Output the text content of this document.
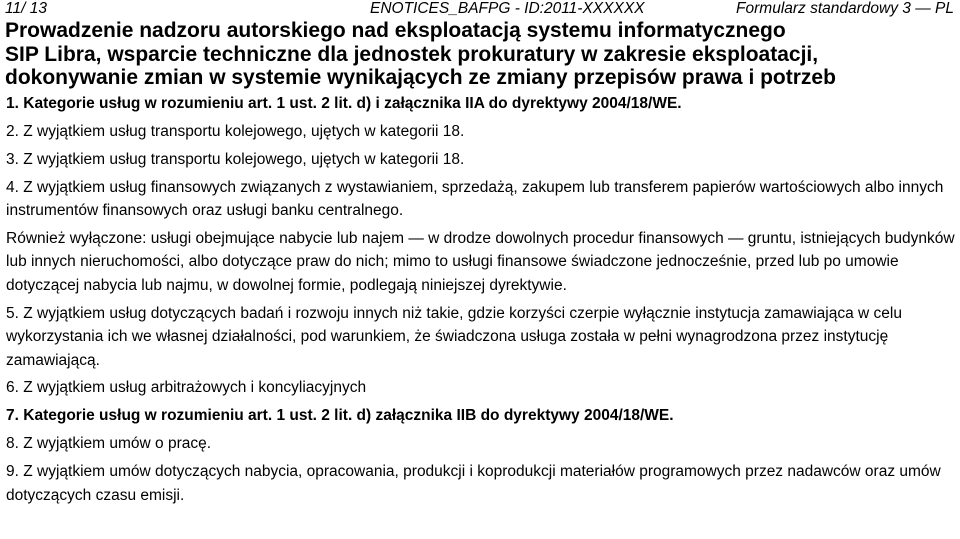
11/ 13	ENOTICES_BAFPG - ID:2011-XXXXXX	Formularz standardowy 3 — PL
Prowadzenie nadzoru autorskiego nad eksploatacją systemu informatycznego
SIP Libra, wsparcie techniczne dla jednostek prokuratury w zakresie eksploatacji,
dokonywanie zmian w systemie wynikających ze zmiany przepisów prawa i potrzeb

1. Kategorie usług w rozumieniu art. 1 ust. 2 lit. d) i załącznika IIA do dyrektywy 2004/18/WE.

2. Z wyjątkiem usług transportu kolejowego, ujętych w kategorii 18.

3. Z wyjątkiem usług transportu kolejowego, ujętych w kategorii 18.

4. Z wyjątkiem usług finansowych związanych z wystawianiem, sprzedażą, zakupem lub transferem papierów wartościowych albo innych instrumentów finansowych oraz usługi banku centralnego.

Również wyłączone: usługi obejmujące nabycie lub najem — w drodze dowolnych procedur finansowych — gruntu, istniejących budynków lub innych nieruchomości, albo dotyczące praw do nich; mimo to usługi finansowe świadczone jednocześnie, przed lub po umowie dotyczącej nabycia lub najmu, w dowolnej formie, podlegają niniejszej dyrektywie.

5. Z wyjątkiem usług dotyczących badań i rozwoju innych niż takie, gdzie korzyści czerpie wyłącznie instytucja zamawiająca w celu wykorzystania ich we własnej działalności, pod warunkiem, że świadczona usługa została w pełni wynagrodzona przez instytucję zamawiającą.

6. Z wyjątkiem usług arbitrażowych i koncyliacyjnych

7. Kategorie usług w rozumieniu art. 1 ust. 2 lit. d) załącznika IIB do dyrektywy 2004/18/WE.

8. Z wyjątkiem umów o pracę.

9. Z wyjątkiem umów dotyczących nabycia, opracowania, produkcji i koprodukcji materiałów programowych przez nadawców oraz umów dotyczących czasu emisji.
